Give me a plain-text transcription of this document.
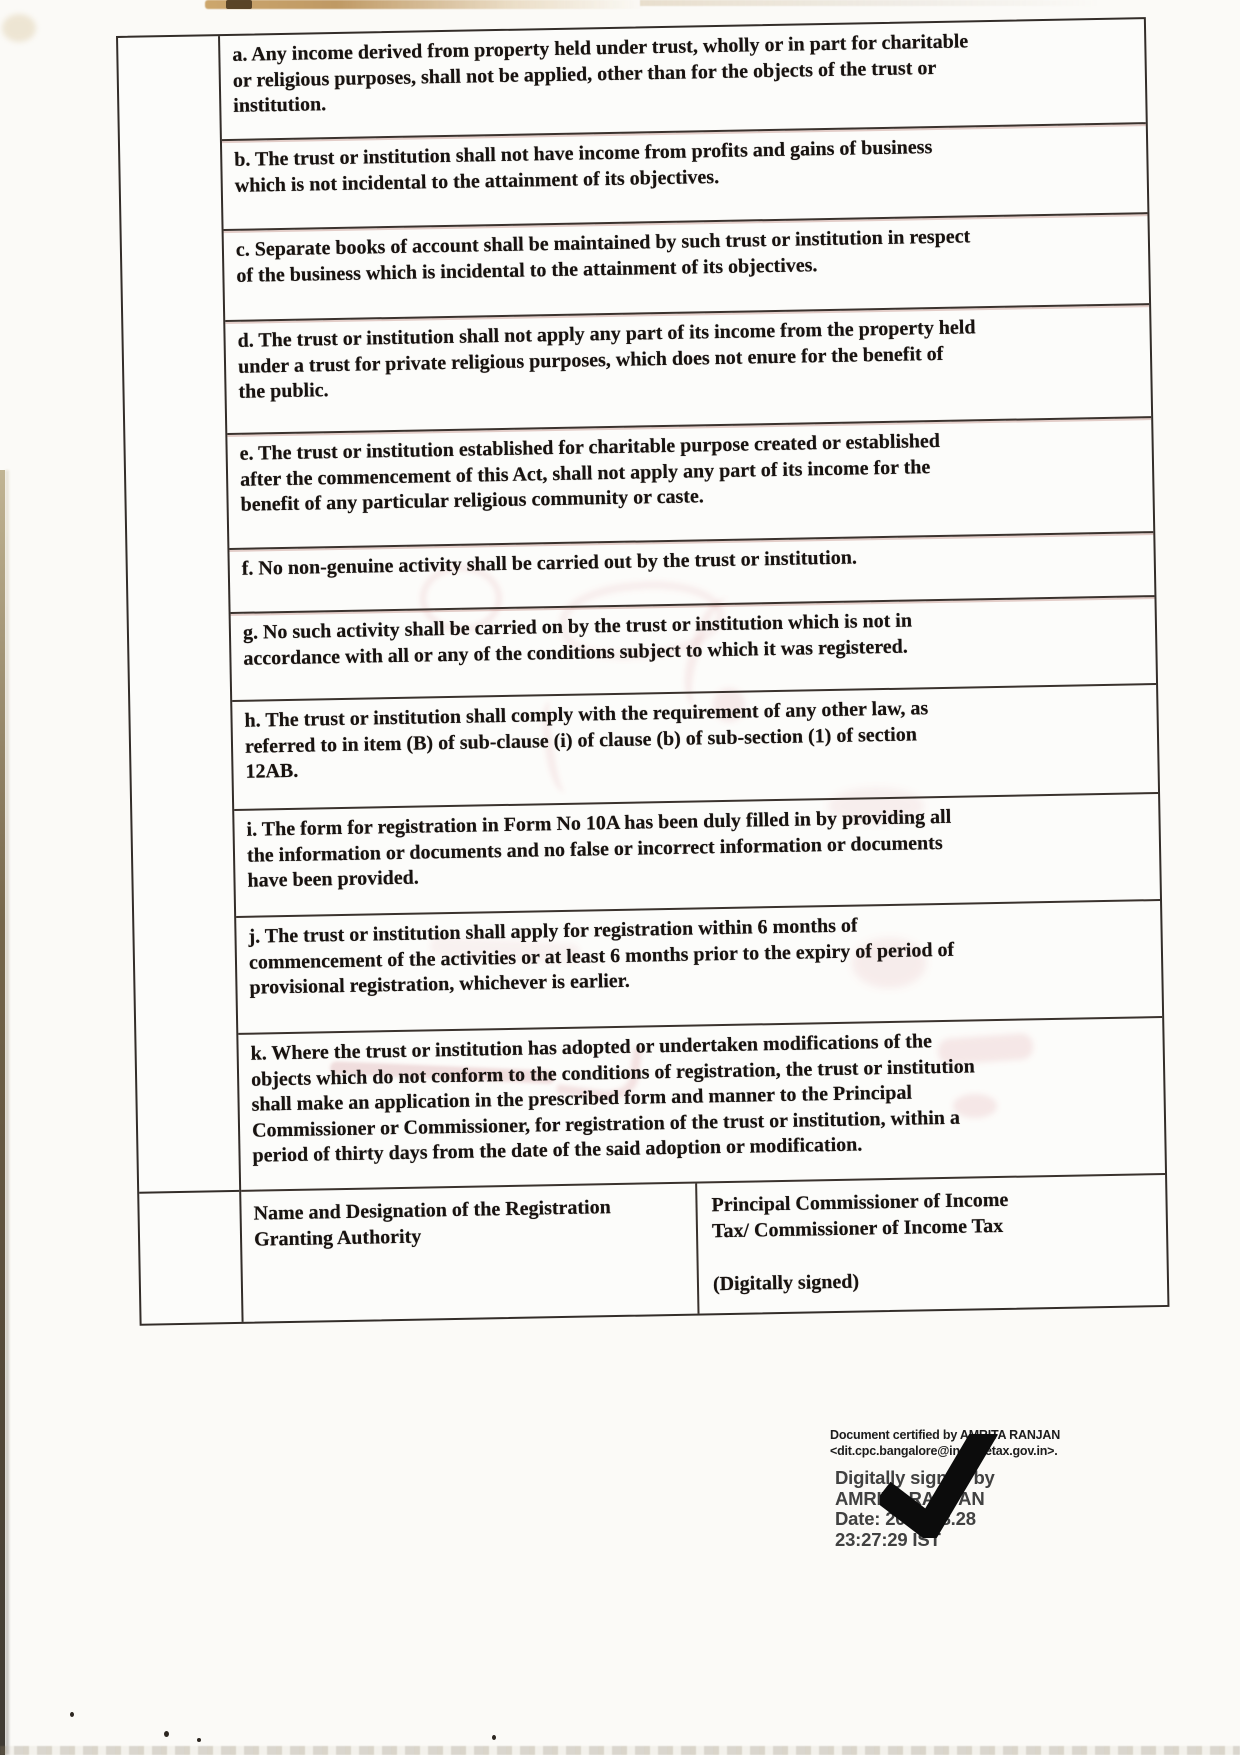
a. Any income derived from property held under trust, wholly or in part for charitable
or religious purposes, shall not be applied, other than for the objects of the trust or
institution.
b. The trust or institution shall not have income from profits and gains of business
which is not incidental to the attainment of its objectives.
c. Separate books of account shall be maintained by such trust or institution in respect
of the business which is incidental to the attainment of its objectives.
d. The trust or institution shall not apply any part of its income from the property held
under a trust for private religious purposes, which does not enure for the benefit of
the public.
e. The trust or institution established for charitable purpose created or established
after the commencement of this Act, shall not apply any part of its income for the
benefit of any particular religious community or caste.
f. No non-genuine activity shall be carried out by the trust or institution.
g. No such activity shall be carried on by the trust or institution which is not in
accordance with all or any of the conditions subject to which it was registered.
h. The trust or institution shall comply with the requirement of any other law, as
referred to in item (B) of sub-clause (i) of clause (b) of sub-section (1) of section
12AB.
i. The form for registration in Form No 10A has been duly filled in by providing all
the information or documents and no false or incorrect information or documents
have been provided.
j. The trust or institution shall apply for registration within 6 months of
commencement of the activities or at least 6 months prior to the expiry of period of
provisional registration, whichever is earlier.
k. Where the trust or institution has adopted or undertaken modifications of the
objects which do not conform to the conditions of registration, the trust or institution
shall make an application in the prescribed form and manner to the Principal
Commissioner or Commissioner, for registration of the trust or institution, within a
period of thirty days from the date of the said adoption or modification.
Name and Designation of the Registration
Granting Authority
Principal Commissioner of Income
Tax/ Commissioner of Income Tax
(Digitally signed)
Document certified by AMRITA RANJAN
<dit.cpc.bangalore@incometax.gov.in>.
Digitally signed by
AMRITA RANJAN
Date: 2021.08.28
23:27:29 IST
